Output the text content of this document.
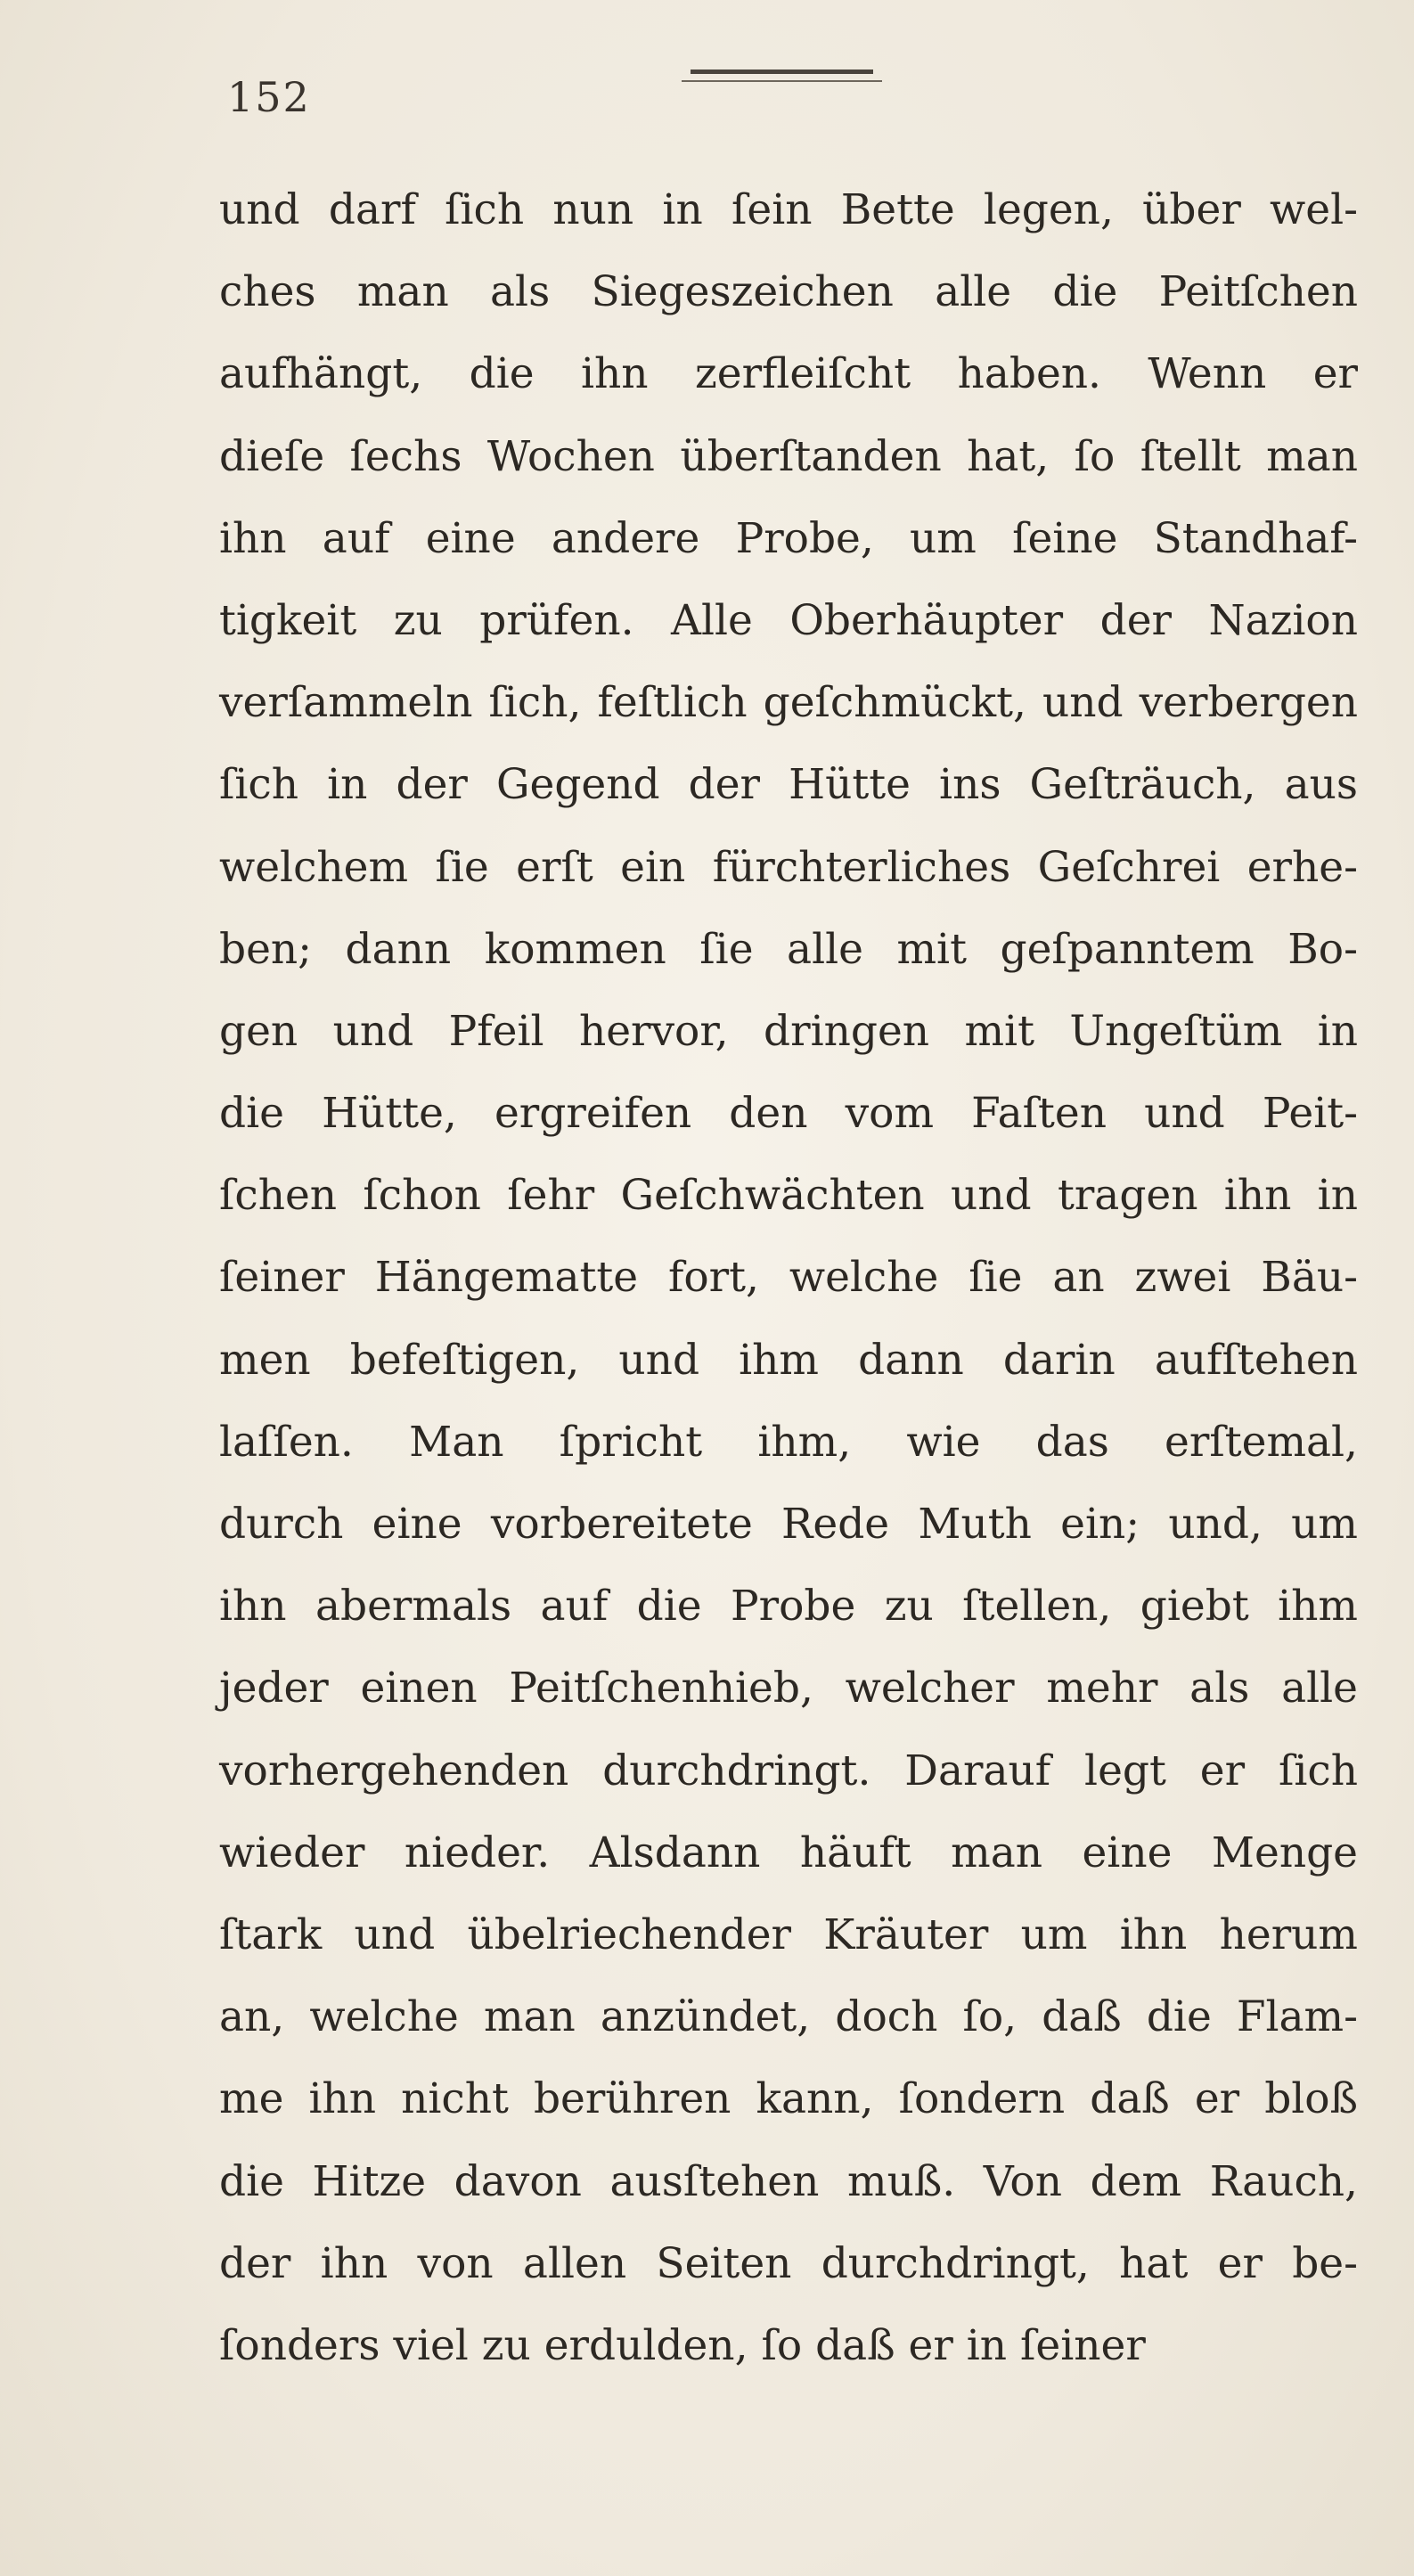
152
und darf ſich nun in ſein Bette legen, über wel-
ches man als Siegeszeichen alle die Peitſchen
aufhängt, die ihn zerfleiſcht haben. Wenn er
dieſe ſechs Wochen überſtanden hat, ſo ſtellt man
ihn auf eine andere Probe, um ſeine Standhaf-
tigkeit zu prüfen. Alle Oberhäupter der Nazion
verſammeln ſich, feſtlich geſchmückt, und verbergen
ſich in der Gegend der Hütte ins Geſträuch, aus
welchem ſie erſt ein fürchterliches Geſchrei erhe-
ben; dann kommen ſie alle mit geſpanntem Bo-
gen und Pfeil hervor, dringen mit Ungeſtüm in
die Hütte, ergreifen den vom Faſten und Peit-
ſchen ſchon ſehr Geſchwächten und tragen ihn in
ſeiner Hängematte fort, welche ſie an zwei Bäu-
men befeſtigen, und ihm dann darin aufſtehen
laſſen. Man ſpricht ihm, wie das erſtemal,
durch eine vorbereitete Rede Muth ein; und, um
ihn abermals auf die Probe zu ſtellen, giebt ihm
jeder einen Peitſchenhieb, welcher mehr als alle
vorhergehenden durchdringt. Darauf legt er ſich
wieder nieder. Alsdann häuft man eine Menge
ſtark und übelriechender Kräuter um ihn herum
an, welche man anzündet, doch ſo, daß die Flam-
me ihn nicht berühren kann, ſondern daß er bloß
die Hitze davon ausſtehen muß. Von dem Rauch,
der ihn von allen Seiten durchdringt, hat er be-
ſonders viel zu erdulden, ſo daß er in ſeiner
